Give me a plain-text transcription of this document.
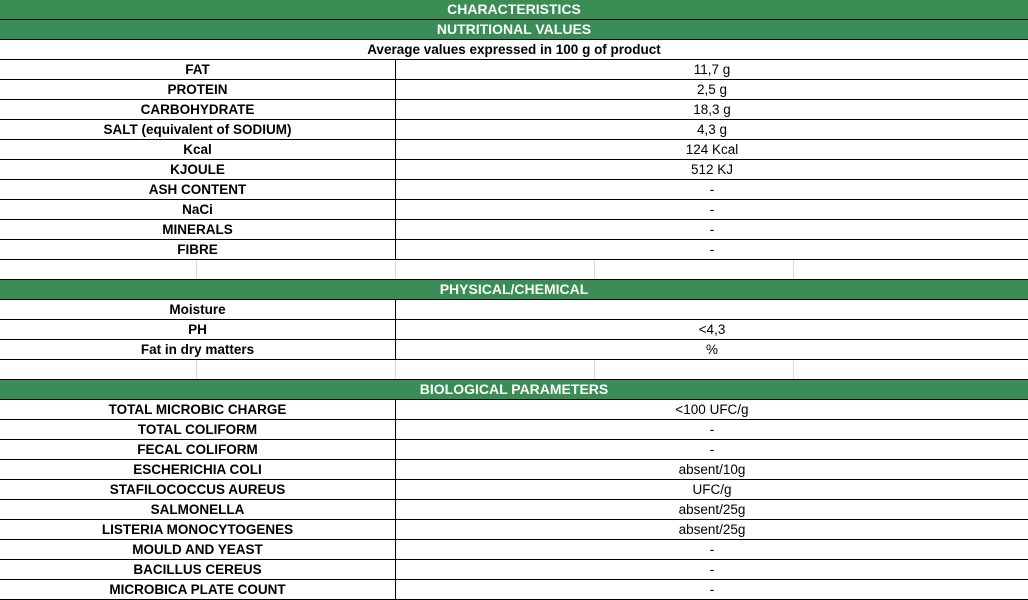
CHARACTERISTICS
NUTRITIONAL VALUES
Average values expressed in 100 g of product
FAT	11,7 g
PROTEIN	2,5 g
CARBOHYDRATE	18,3 g
SALT (equivalent of SODIUM)	4,3 g
Kcal	124 Kcal
KJOULE	512 KJ
ASH CONTENT	-
NaCi	-
MINERALS	-
FIBRE	-
PHYSICAL/CHEMICAL
Moisture
PH	<4,3
Fat in dry matters	%
BIOLOGICAL PARAMETERS
TOTAL MICROBIC CHARGE	<100 UFC/g
TOTAL COLIFORM	-
FECAL COLIFORM	-
ESCHERICHIA COLI	absent/10g
STAFILOCOCCUS AUREUS	UFC/g
SALMONELLA	absent/25g
LISTERIA MONOCYTOGENES	absent/25g
MOULD AND YEAST	-
BACILLUS CEREUS	-
MICROBICA PLATE COUNT	-
